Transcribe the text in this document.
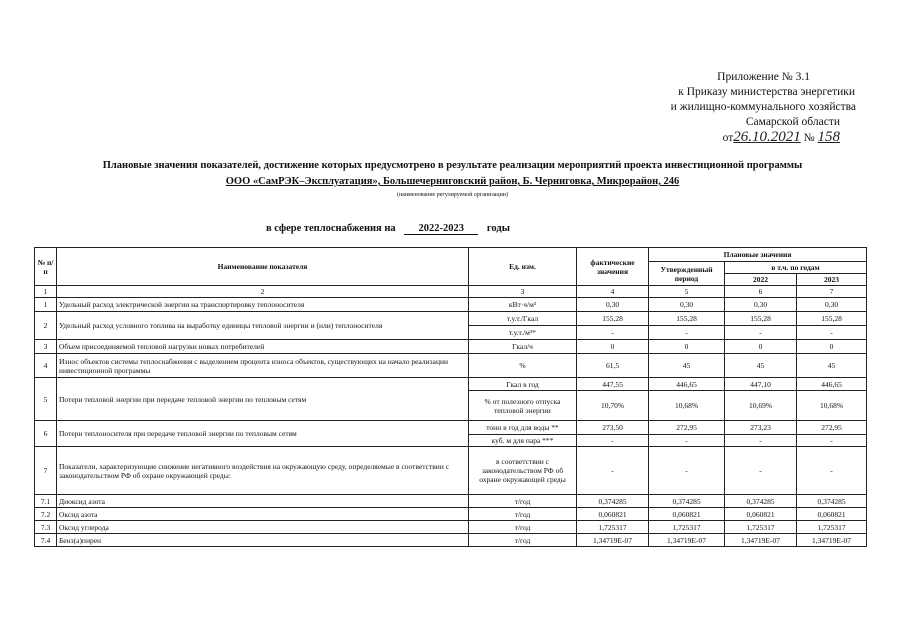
Приложение № 3.1
к Приказу министерства энергетики
и жилищно-коммунального хозяйства
Самарской области
от26.10.2021 № 158
Плановые значения показателей, достижение которых предусмотрено в результате реализации мероприятий проекта инвестиционной программы
ООО «СамРЭК–Эксплуатация», Большечерниговский район, Б. Черниговка, Микрорайон, 246
(наименование регулируемой организации)
в сфере теплоснабжения на 2022-2023 годы
№ п/п	Наименование показателя	Ед. изм.	фактические значения	Плановые значения		
				Утвержденный период	в т.ч. по годам	
					2022	2023
1	2	3	4	5	6	7
1	Удельный расход электрической энергии на транспортировку теплоносителя	кВт·ч/м³	0,30	0,30	0,30	0,30
2	Удельный расход условного топлива на выработку единицы тепловой энергии и (или) теплоносителя	т.у.т./Гкал	155,28	155,28	155,28	155,28
		т.у.т./м³*	-	-	-	-
3	Объем присоединяемой тепловой нагрузки новых потребителей	Гкал/ч	0	0	0	0
4	Износ объектов системы теплоснабжения с выделением процента износа объектов, существующих на начало реализации инвестиционной программы	%	61,5	45	45	45
5	Потери тепловой энергии при передаче тепловой энергии по тепловым сетям	Гкал в год	447,55	446,65	447,10	446,65
		% от полезного отпуска тепловой энергии	10,70%	10,68%	10,69%	10,68%
6	Потери теплоносителя при передаче тепловой энергии по тепловым сетям	тонн в год для воды **	273,50	272,95	273,23	272,95
		куб. м для пара ***	-	-	-	-
7	Показатели, характеризующие снижение негативного воздействия на окружающую среду, определяемые в соответствии с законодательством РФ об охране окружающей среды:	в соответствии с законодательством РФ об охране окружающей среды	-	-	-	-
7.1	Диоксид азота	т/год	0,374285	0,374285	0,374285	0,374285
7.2	Оксид азота	т/год	0,060821	0,060821	0,060821	0,060821
7.3	Оксид углерода	т/год	1,725317	1,725317	1,725317	1,725317
7.4	Бенз(а)пирен	т/год	1,34719E-07	1,34719E-07	1,34719E-07	1,34719E-07
